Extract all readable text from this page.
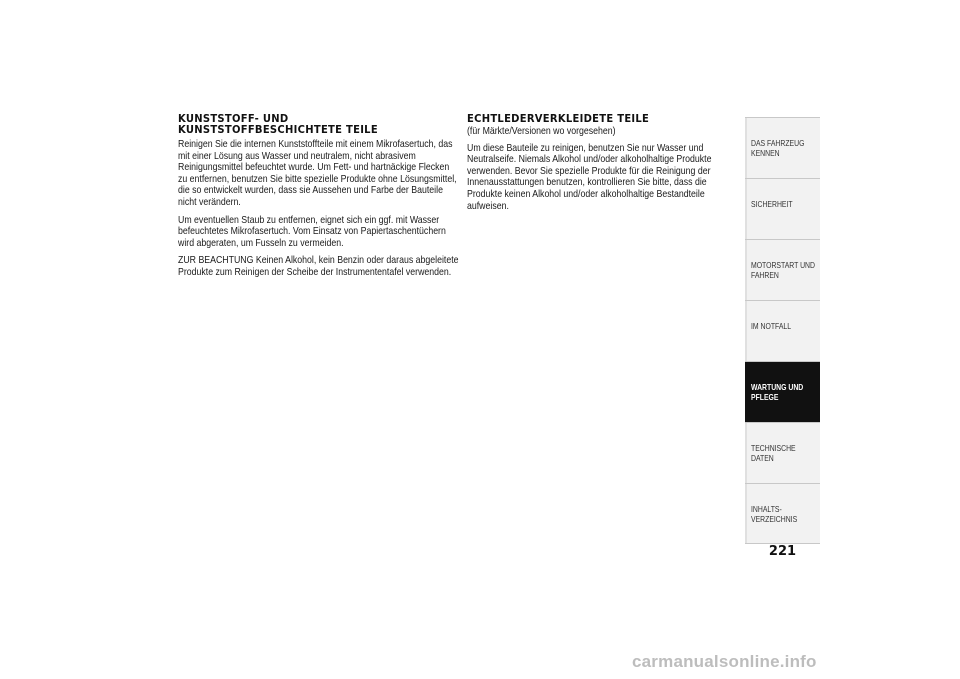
KUNSTSTOFF- UND
KUNSTSTOFFBESCHICHTETE TEILE

Reinigen Sie die internen Kunststoffteile mit einem Mikrofasertuch, das mit einer Lösung aus Wasser und neutralem, nicht abrasivem Reinigungsmittel befeuchtet wurde. Um Fett- und hartnäckige Flecken zu entfernen, benutzen Sie bitte spezielle Produkte ohne Lösungsmittel, die so entwickelt wurden, dass sie Aussehen und Farbe der Bauteile nicht verändern.

Um eventuellen Staub zu entfernen, eignet sich ein ggf. mit Wasser befeuchtetes Mikrofasertuch. Vom Einsatz von Papiertaschentüchern wird abgeraten, um Fusseln zu vermeiden.

ZUR BEACHTUNG Keinen Alkohol, kein Benzin oder daraus abgeleitete Produkte zum Reinigen der Scheibe der Instrumententafel verwenden.

ECHTLEDERVERKLEIDETE TEILE

(für Märkte/Versionen wo vorgesehen)

Um diese Bauteile zu reinigen, benutzen Sie nur Wasser und Neutralseife. Niemals Alkohol und/oder alkoholhaltige Produkte verwenden. Bevor Sie spezielle Produkte für die Reinigung der Innenausstattungen benutzen, kontrollieren Sie bitte, dass die Produkte keinen Alkohol und/oder alkoholhaltige Bestandteile aufweisen.

DAS FAHRZEUG KENNEN
SICHERHEIT
MOTORSTART UND FAHREN
IM NOTFALL
WARTUNG UND PFLEGE
TECHNISCHE DATEN
INHALTS- VERZEICHNIS
221
carmanualsonline.info
